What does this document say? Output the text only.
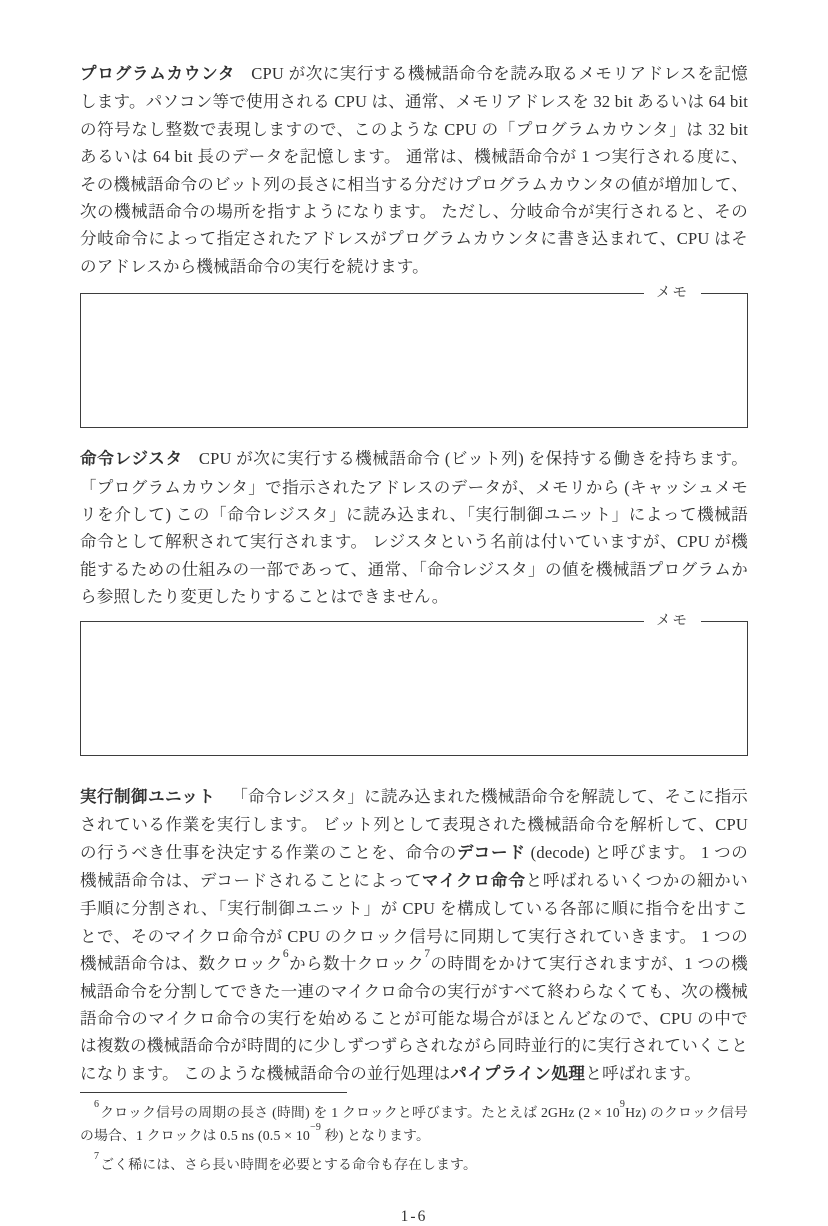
プログラムカウンタ CPU が次に実行する機械語命令を読み取るメモリアドレスを記憶します。パソコン等で使用される CPU は、通常、メモリアドレスを 32 bit あるいは 64 bit の符号なし整数で表現しますので、このような CPU の「プログラムカウンタ」は 32 bit あるいは 64 bit 長のデータを記憶します。 通常は、機械語命令が 1 つ実行される度に、その機械語命令のビット列の長さに相当する分だけプログラムカウンタの値が増加して、次の機械語命令の場所を指すようになります。 ただし、分岐命令が実行されると、その分岐命令によって指定されたアドレスがプログラムカウンタに書き込まれて、CPU はそのアドレスから機械語命令の実行を続けます。

メモ

命令レジスタ CPU が次に実行する機械語命令 (ビット列) を保持する働きを持ちます。「プログラムカウンタ」で指示されたアドレスのデータが、メモリから (キャッシュメモリを介して) この「命令レジスタ」に読み込まれ、「実行制御ユニット」によって機械語命令として解釈されて実行されます。 レジスタという名前は付いていますが、CPU が機能するための仕組みの一部であって、通常、「命令レジスタ」の値を機械語プログラムから参照したり変更したりすることはできません。

メモ

実行制御ユニット 「命令レジスタ」に読み込まれた機械語命令を解読して、そこに指示されている作業を実行します。 ビット列として表現された機械語命令を解析して、CPU の行うべき仕事を決定する作業のことを、命令のデコード (decode) と呼びます。 1 つの機械語命令は、デコードされることによってマイクロ命令と呼ばれるいくつかの細かい手順に分割され、「実行制御ユニット」が CPU を構成している各部に順に指令を出すことで、そのマイクロ命令が CPU のクロック信号に同期して実行されていきます。 1 つの機械語命令は、数クロック$^6$から数十クロック$^7$の時間をかけて実行されますが、1 つの機械語命令を分割してできた一連のマイクロ命令の実行がすべて終わらなくても、次の機械語命令のマイクロ命令の実行を始めることが可能な場合がほとんどなので、CPU の中では複数の機械語命令が時間的に少しずつずらされながら同時並行的に実行されていくことになります。 このような機械語命令の並行処理はパイプライン処理と呼ばれます。

$^6$クロック信号の周期の長さ (時間) を 1 クロックと呼びます。たとえば 2GHz (2 × 10$^9$Hz) のクロック信号の場合、1 クロックは 0.5 ns (0.5 × 10$^{-9}$ 秒) となります。

$^7$ごく稀には、さら長い時間を必要とする命令も存在します。

1-6
